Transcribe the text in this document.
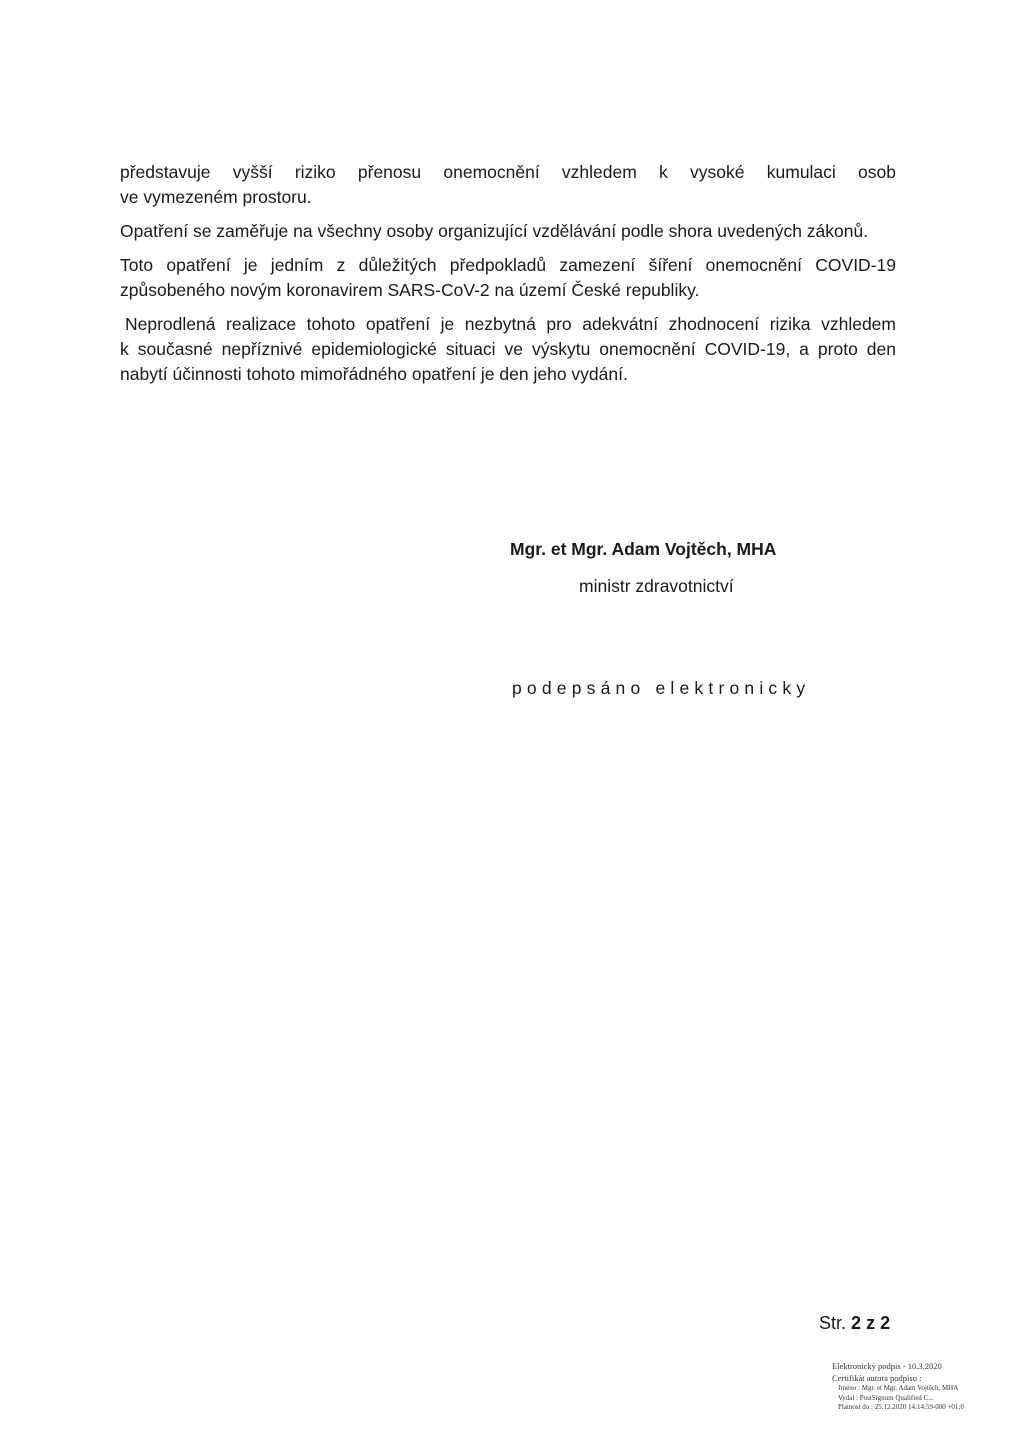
představuje vyšší riziko přenosu onemocnění vzhledem k vysoké kumulaci osob
ve vymezeném prostoru.

Opatření se zaměřuje na všechny osoby organizující vzdělávání podle shora uvedených zákonů.

Toto opatření je jedním z důležitých předpokladů zamezení šíření onemocnění COVID-19
způsobeného novým koronavirem SARS-CoV-2 na území České republiky.

Neprodlená realizace tohoto opatření je nezbytná pro adekvátní zhodnocení rizika vzhledem
k současné nepříznivé epidemiologické situaci ve výskytu onemocnění COVID-19, a proto den
nabytí účinnosti tohoto mimořádného opatření je den jeho vydání.

Mgr. et Mgr. Adam Vojtěch, MHA
ministr zdravotnictví
podepsáno elektronicky
Str. 2 z 2
Elektronický podpis - 10.3.2020
Certifikát autora podpisu :
Jméno : Mgr. et Mgr. Adam Vojtěch, MHA
Vydal : PostSignum Qualified C...
Platnost do : 25.12.2020 14:14:59-000 +01:0
